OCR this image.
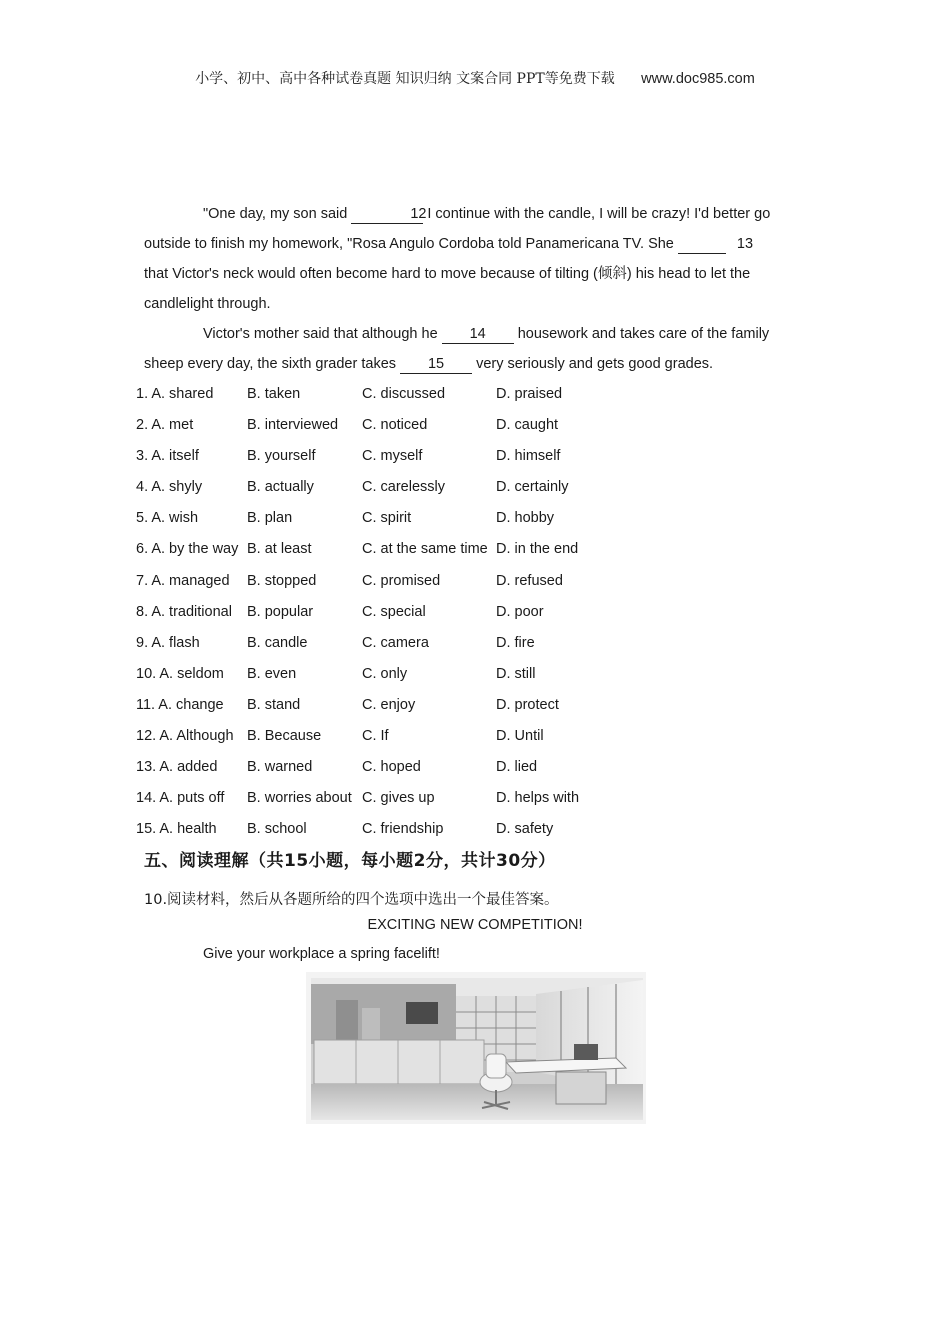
小学、初中、高中各种试卷真题 知识归纳 文案合同 PPT等免费下载 www.doc985.com
"One day, my son said	12 I continue with the candle, I will be crazy! I'd better go
outside to finish my homework, "Rosa Angulo Cordoba told Panamericana TV. She	13
that Victor's neck would often become hard to move because of tilting (倾斜) his head to let the
candlelight through.
Victor's mother said that although he 14 housework and takes care of the family
sheep every day, the sixth grader takes 15 very seriously and gets good grades.
1. A. shared B. taken	C. discussed	D. praised
2. A. met	B. interviewed C. noticed	D. caught
3. A. itself	B. yourself	C. myself	D. himself
4. A. shyly	B. actually	C. carelessly	D. certainly
5. A. wish	B. plan	C. spirit	D. hobby
6. A. by the way B. at least	C. at the same time D. in the end
7. A. managed B. stopped	C. promised	D. refused
8. A. traditional B. popular	C. special	D. poor
9. A. flash	B. candle	C. camera	D. fire
10. A. seldom B. even	C. only	D. still
11. A. change B. stand	C. enjoy	D. protect
12. A. Although B. Because	C. If	D. Until
13. A. added B. warned	C. hoped	D. lied
14. A. puts off B. worries about C. gives up	D. helps with
15. A. health B. school	C. friendship	D. safety
五、阅读理解（共15小题，每小题2分，共计30分）
10.阅读材料，然后从各题所给的四个选项中选出一个最佳答案。
EXCITING NEW COMPETITION!
Give your workplace a spring facelift!
